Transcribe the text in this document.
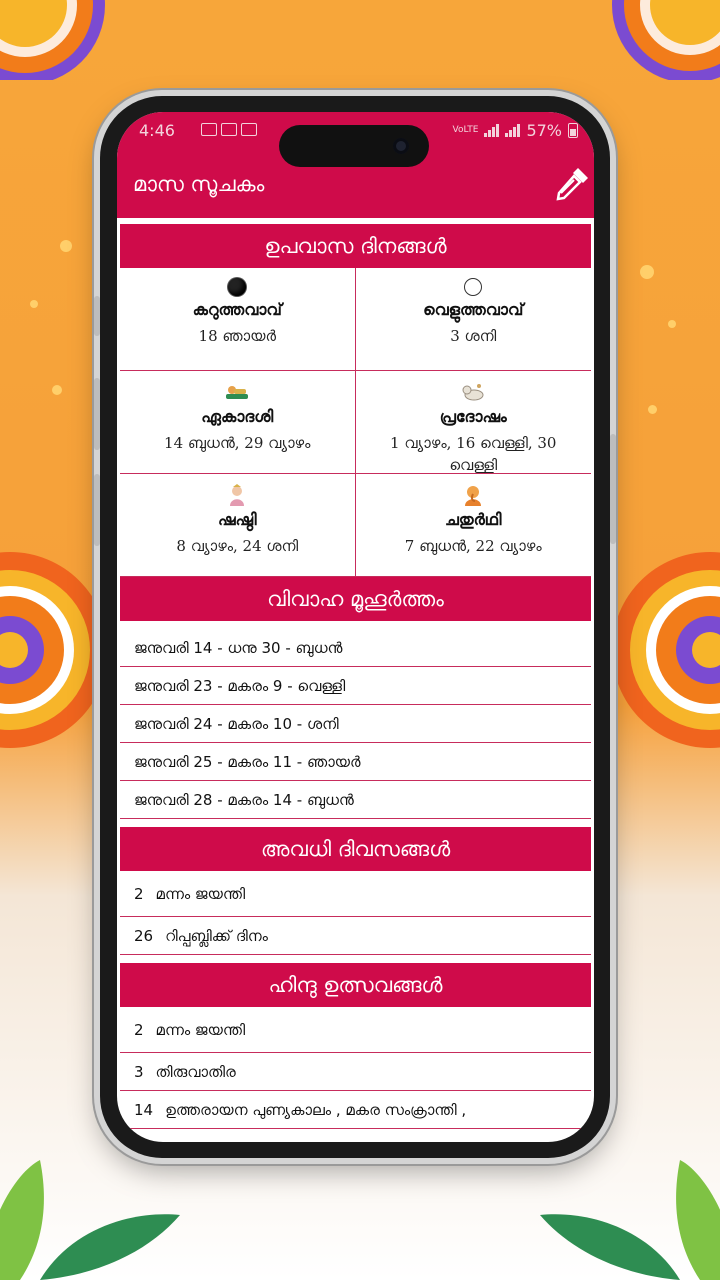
4:46	VoLTE	57%
മാസ സൂചകം
ഉപവാസ ദിനങ്ങൾ
കറുത്തവാവ്
18 ഞായർ
വെളുത്തവാവ്
3 ശനി
ഏകാദശി
14 ബുധൻ, 29 വ്യാഴം
പ്രദോഷം
1 വ്യാഴം, 16 വെള്ളി, 30 വെള്ളി
ഷഷ്ഠി
8 വ്യാഴം, 24 ശനി
ചതുർഥി
7 ബുധൻ, 22 വ്യാഴം
വിവാഹ മൂഹൂർത്തം
ജനുവരി 14 - ധനു 30 - ബുധൻ
ജനുവരി 23 - മകരം 9 - വെള്ളി
ജനുവരി 24 - മകരം 10 - ശനി
ജനുവരി 25 - മകരം 11 - ഞായർ
ജനുവരി 28 - മകരം 14 - ബുധൻ
അവധി ദിവസങ്ങൾ
2 മന്നം ജയന്തി
26 റിപ്പബ്ലിക്ക് ദിനം
ഹിന്ദു ഉത്സവങ്ങൾ
2 മന്നം ജയന്തി
3 തിരുവാതിര
14 ഉത്തരായന പുണ്യകാലം , മകര സംക്രാന്തി ,
